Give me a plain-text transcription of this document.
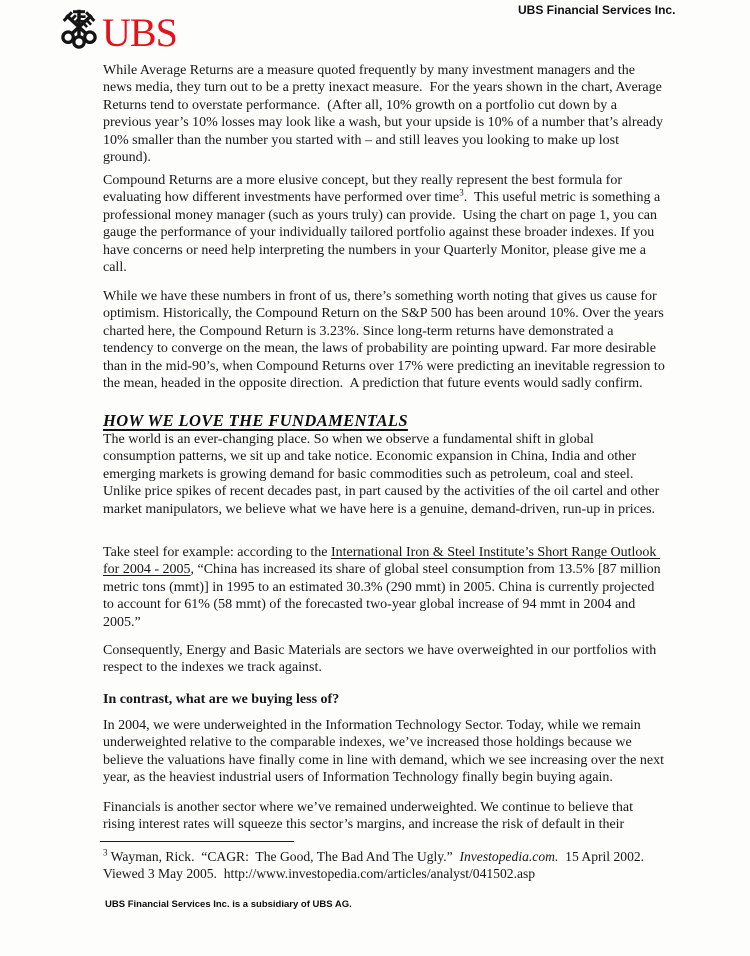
UBS	UBS Financial Services Inc.
While Average Returns are a measure quoted frequently by many investment managers and the news media, they turn out to be a pretty inexact measure.  For the years shown in the chart, Average Returns tend to overstate performance.  (After all, 10% growth on a portfolio cut down by a previous year’s 10% losses may look like a wash, but your upside is 10% of a number that’s already 10% smaller than the number you started with – and still leaves you looking to make up lost ground).
Compound Returns are a more elusive concept, but they really represent the best formula for evaluating how different investments have performed over time$^3$.  This useful metric is something a professional money manager (such as yours truly) can provide.  Using the chart on page 1, you can gauge the performance of your individually tailored portfolio against these broader indexes. If you have concerns or need help interpreting the numbers in your Quarterly Monitor, please give me a call.
While we have these numbers in front of us, there’s something worth noting that gives us cause for optimism. Historically, the Compound Return on the S&P 500 has been around 10%. Over the years charted here, the Compound Return is 3.23%. Since long-term returns have demonstrated a tendency to converge on the mean, the laws of probability are pointing upward. Far more desirable than in the mid-90’s, when Compound Returns over 17% were predicting an inevitable regression to the mean, headed in the opposite direction.  A prediction that future events would sadly confirm.
HOW WE LOVE THE FUNDAMENTALS
The world is an ever-changing place. So when we observe a fundamental shift in global consumption patterns, we sit up and take notice. Economic expansion in China, India and other emerging markets is growing demand for basic commodities such as petroleum, coal and steel. Unlike price spikes of recent decades past, in part caused by the activities of the oil cartel and other market manipulators, we believe what we have here is a genuine, demand-driven, run-up in prices.
Take steel for example: according to the International Iron & Steel Institute’s Short Range Outlook for 2004 - 2005, “China has increased its share of global steel consumption from 13.5% [87 million metric tons (mmt)] in 1995 to an estimated 30.3% (290 mmt) in 2005. China is currently projected to account for 61% (58 mmt) of the forecasted two-year global increase of 94 mmt in 2004 and 2005.”
Consequently, Energy and Basic Materials are sectors we have overweighted in our portfolios with respect to the indexes we track against.
In contrast, what are we buying less of?
In 2004, we were underweighted in the Information Technology Sector. Today, while we remain underweighted relative to the comparable indexes, we’ve increased those holdings because we believe the valuations have finally come in line with demand, which we see increasing over the next year, as the heaviest industrial users of Information Technology finally begin buying again.
Financials is another sector where we’ve remained underweighted. We continue to believe that rising interest rates will squeeze this sector’s margins, and increase the risk of default in their
$^3$ Wayman, Rick.  “CAGR:  The Good, The Bad And The Ugly.”  Investopedia.com.  15 April 2002. Viewed 3 May 2005.  http://www.investopedia.com/articles/analyst/041502.asp
UBS Financial Services Inc. is a subsidiary of UBS AG.
